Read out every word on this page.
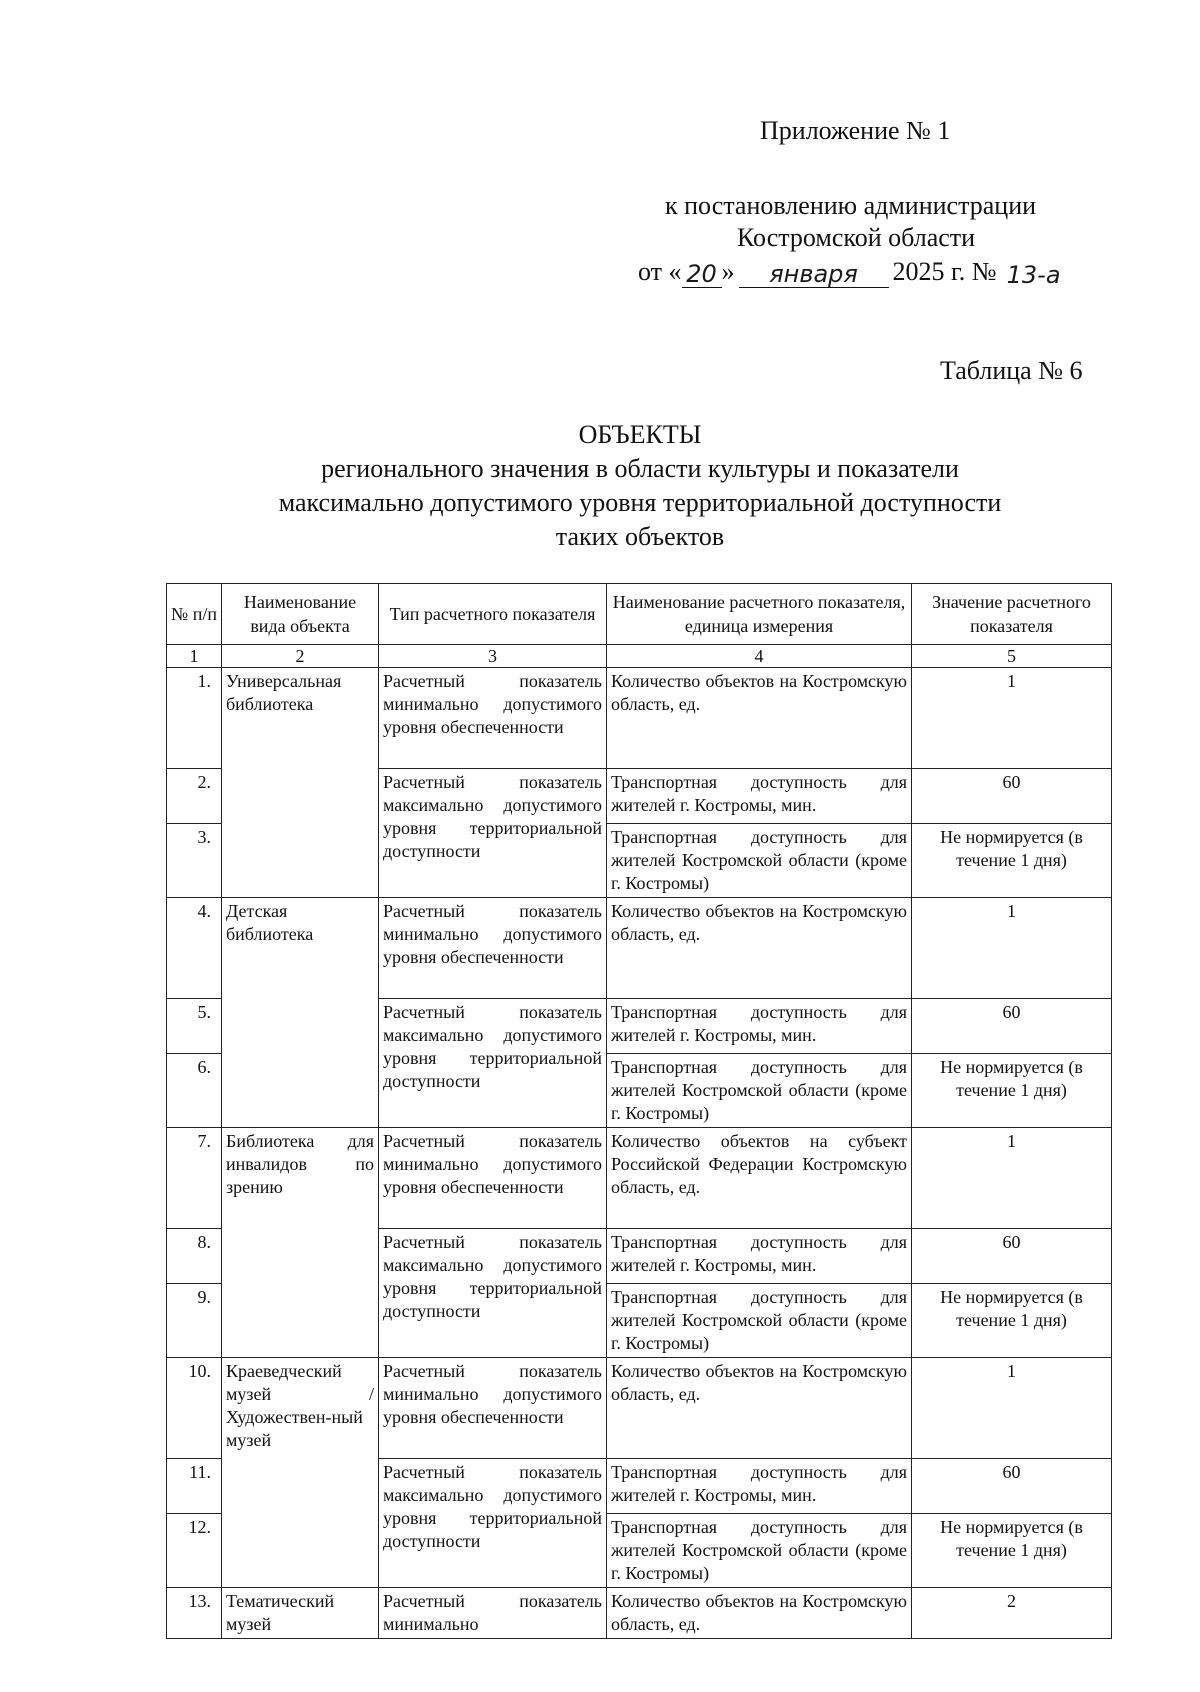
Приложение № 1
к постановлению администрации
Костромской области
от « 20 »	января	2025 г. № 13-а
Таблица № 6
ОБЪЕКТЫ
регионального значения в области культуры и показатели
максимально допустимого уровня территориальной доступности
таких объектов
№ п/п	Наименование вида объекта	Тип расчетного показателя	Наименование расчетного показателя, единица измерения	Значение расчетного показателя
1	2	3	4	5
1.	Универсальная библиотека	Расчетный показатель минимально допустимого уровня обеспеченности	Количество объектов на Костромскую область, ед.	1
2.		Расчетный показатель максимально допустимого уровня территориальной доступности	Транспортная доступность для жителей г. Костромы, мин.	60
3.			Транспортная доступность для жителей Костромской области (кроме г. Костромы)	Не нормируется (в течение 1 дня)
4.	Детская библиотека	Расчетный показатель минимально допустимого уровня обеспеченности	Количество объектов на Костромскую область, ед.	1
5.		Расчетный показатель максимально допустимого уровня территориальной доступности	Транспортная доступность для жителей г. Костромы, мин.	60
6.			Транспортная доступность для жителей Костромской области (кроме г. Костромы)	Не нормируется (в течение 1 дня)
7.	Библиотека для инвалидов по зрению	Расчетный показатель минимально допустимого уровня обеспеченности	Количество объектов на субъект Российской Федерации Костромскую область, ед.	1
8.		Расчетный показатель максимально допустимого уровня территориальной доступности	Транспортная доступность для жителей г. Костромы, мин.	60
9.			Транспортная доступность для жителей Костромской области (кроме г. Костромы)	Не нормируется (в течение 1 дня)
10.	Краеведческий музей / Художествен-ный музей	Расчетный показатель минимально допустимого уровня обеспеченности	Количество объектов на Костромскую область, ед.	1
11.		Расчетный показатель максимально допустимого уровня территориальной доступности	Транспортная доступность для жителей г. Костромы, мин.	60
12.			Транспортная доступность для жителей Костромской области (кроме г. Костромы)	Не нормируется (в течение 1 дня)
13.	Тематический музей	Расчетный показатель минимально	Количество объектов на Костромскую область, ед.	2
